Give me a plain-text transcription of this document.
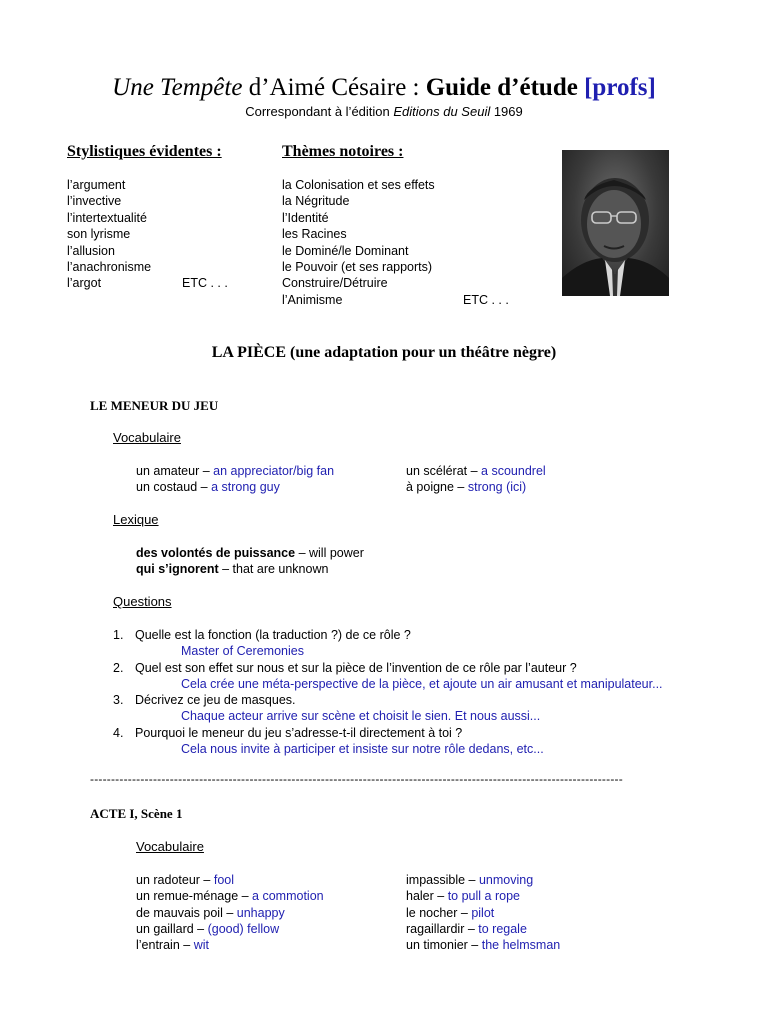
Une Tempête d’Aimé Césaire : Guide d’étude [profs]
Correspondant à l’édition Editions du Seuil 1969
Stylistiques évidentes :
l’argument
l’invective
l’intertextualité
son lyrisme
l’allusion
l’anachronisme
l’argot	ETC . . .
Thèmes notoires :
la Colonisation et ses effets
la Négritude
l’Identité
les Racines
le Dominé/le Dominant
le Pouvoir (et ses rapports)
Construire/Détruire
l’Animisme	ETC . . .
LA PIÈCE (une adaptation pour un théâtre nègre)
LE MENEUR DU JEU
Vocabulaire
un amateur – an appreciator/big fan
un costaud – a strong guy
un scélérat – a scoundrel
à poigne – strong (ici)
Lexique
des volontés de puissance – will power
qui s’ignorent – that are unknown
Questions
1. Quelle est la fonction (la traduction ?) de ce rôle ?
Master of Ceremonies
2. Quel est son effet sur nous et sur la pièce de l’invention de ce rôle par l’auteur ?
Cela crée une méta-perspective de la pièce, et ajoute un air amusant et manipulateur...
3. Décrivez ce jeu de masques.
Chaque acteur arrive sur scène et choisit le sien. Et nous aussi...
4. Pourquoi le meneur du jeu s’adresse-t-il directement à toi ?
Cela nous invite à participer et insiste sur notre rôle dedans, etc...
-------------------------------------------------------------------------------------------------------------------------------
ACTE I, Scène 1
Vocabulaire
un radoteur – fool
un remue-ménage – a commotion
de mauvais poil – unhappy
un gaillard – (good) fellow
l’entrain – wit
impassible – unmoving
haler – to pull a rope
le nocher – pilot
ragaillardir – to regale
un timonier – the helmsman
